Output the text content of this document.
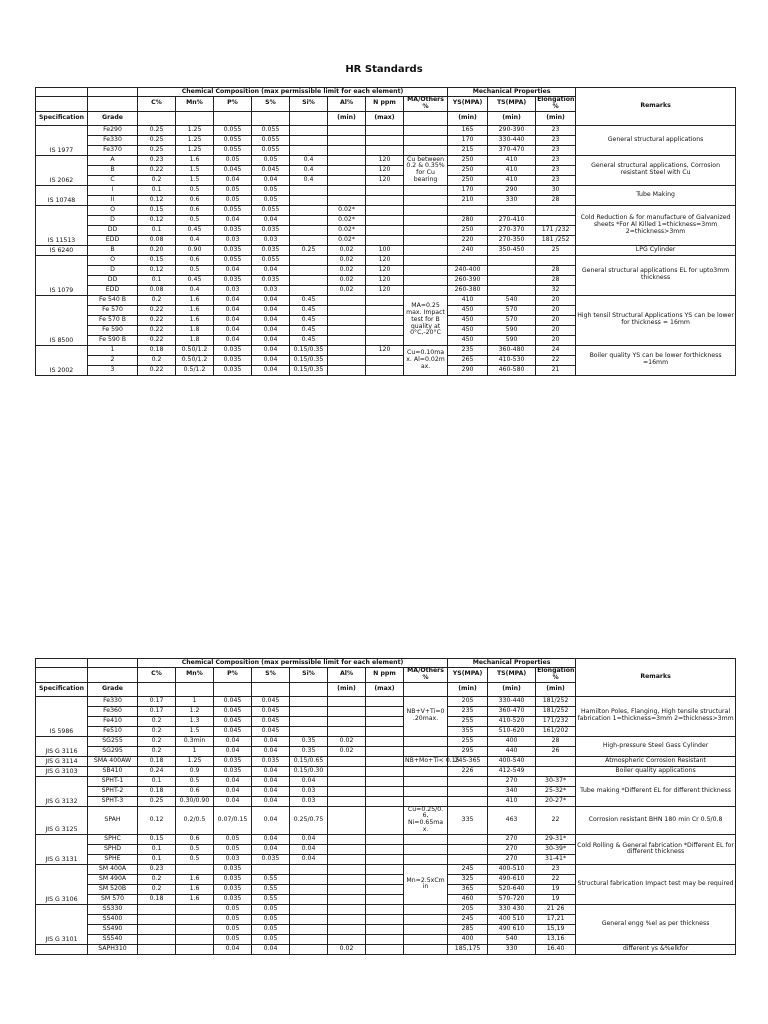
HR Standards
		Chemical Composition (max permissible limit for each element)								Mechanical Properties			Remarks
		C%	Mn%	P%	S%	Si%	Al%	N ppm	MA/Others %	YS(MPA)	TS(MPA)	Elongation %	
Specification	Grade						(min)	(max)		(min)	(min)	(min)	
IS 1977	Fe290	0.25	1.25	0.055	0.055					165	290-390	23	General structural applications
	Fe330	0.25	1.25	0.055	0.055					170	330-440	23	
	Fe370	0.25	1.25	0.055	0.055					215	370-470	23	
IS 2062	A	0.23	1.6	0.05	0.05	0.4		120	Cu between 0.2 & 0.35% for Cu bearing	250	410	23	General structural applications, Corrosion resistant Steel with Cu
	B	0.22	1.5	0.045	0.045	0.4		120		250	410	23	
	C	0.2	1.5	0.04	0.04	0.4		120		250	410	23	
IS 10748	I	0.1	0.5	0.05	0.05					170	290	30	Tube Making
	II	0.12	0.6	0.05	0.05					210	330	28	
IS 11513	O	0.15	0.6	0.055	0.055		0.02*						Cold Reduction & for manufacture of Galvanized sheets *For Al Killed 1=thickness=3mm 2=thickness>3mm
	D	0.12	0.5	0.04	0.04		0.02*			280	270-410		
	DD	0.1	0.45	0.035	0.035		0.02*			250	270-370	171 /232	
	EDD	0.08	0.4	0.03	0.03		0.02*			220	270-350	181 /252	
IS 6240	B	0.20	0.90	0.035	0.035	0.25	0.02	100		240	350-450	25	LPG Cylinder
IS 1079	O	0.15	0.6	0.055	0.055		0.02	120					General structural applications EL for upto3mm thickness
	D	0.12	0.5	0.04	0.04		0.02	120		240-400		28	
	DD	0.1	0.45	0.035	0.035		0.02	120		260-390		28	
	EDD	0.08	0.4	0.03	0.03		0.02	120		260-380		32	
IS 8500	Fe 540 B	0.2	1.6	0.04	0.04	0.45			MA=0.25 max. Impact test for B quality at 0°C,-20°C	410	540	20	High tensil Structural Applications YS can be lower for thickness = 16mm
	Fe 570	0.22	1.6	0.04	0.04	0.45				450	570	20	
	Fe 570 B	0.22	1.6	0.04	0.04	0.45				450	570	20	
	Fe 590	0.22	1.8	0.04	0.04	0.45				450	590	20	
	Fe 590 B	0.22	1.8	0.04	0.04	0.45				450	590	20	
IS 2002	1	0.18	0.50/1.2	0.035	0.04	0.15/0.35		120	Cu=0.10ma x. Al=0.02m ax.	235	360-480	24	Boiler quality YS can be lower forthickness =16mm
	2	0.2	0.50/1.2	0.035	0.04	0.15/0.35				265	410-530	22	
	3	0.22	0.5/1.2	0.035	0.04	0.15/0.35				290	460-580	21	
		Chemical Composition (max permissible limit for each element)								Mechanical Properties			Remarks
		C%	Mn%	P%	S%	Si%	Al%	N ppm	MA/Others %	YS(MPA)	TS(MPA)	Elongation %	
Specification	Grade						(min)	(max)		(min)	(min)	(min)	
IS 5986	Fe330	0.17	1	0.045	0.045				NB+V+Ti=0 .20max.	205	330-440	181/252	Hamilton Poles, Flanging, High tensile structural fabrication 1=thickness=3mm 2=thickness>3mm
	Fe360	0.17	1.2	0.045	0.045					235	360-470	181/252	
	Fe410	0.2	1.3	0.045	0.045					255	410-520	171/232	
	Fe510	0.2	1.5	0.045	0.045					355	510-620	161/202	
JIS G 3116	SG255	0.2	0.3min	0.04	0.04	0.35	0.02			255	400	28	High-pressure Steel Gass Cylinder
	SG295	0.2	1	0.04	0.04	0.35	0.02			295	440	26	
JIS G 3114	SMA 400AW	0.18	1.25	0.035	0.035	0.15/0.65			NB+Mo+Ti< 0.15	245-365	400-540		Atmospheric Corrosion Resistant
JIS G 3103	SB410	0.24	0.9	0.035	0.04	0.15/0.30				226	412-549		Boiler quality applications
JIS G 3132	SPHT-1	0.1	0.5	0.04	0.04	0.04					270	30-37*	Tube making *Different EL for different thickness
	SPHT-2	0.18	0.6	0.04	0.04	0.03					340	25-32*	
	SPHT-3	0.25	0.30/0.90	0.04	0.04	0.03					410	20-27*	
JIS G 3125	SPAH	0.12	0.2/0.5	0.07/0.15	0.04	0.25/0.75			Cu=0.25/0. 6, Ni=0.65ma x.	335	463	22	Corrosion resistant BHN 180 min Cr 0.5/0.8
JIS G 3131	SPHC	0.15	0.6	0.05	0.04	0.04					270	29-31*	Cold Rolling & General fabrication *Different EL for different thickness
	SPHD	0.1	0.5	0.05	0.04	0.04					270	30-39*	
	SPHE	0.1	0.5	0.03	0.035	0.04					270	31-41*	
JIS G 3106	SM 400A	0.23		0.035					Mn=2.5xCm in	245	400-510	23	Structural fabrication Impact test may be required
	SM 490A	0.2	1.6	0.035	0.55					325	490-610	22	
	SM 520B	0.2	1.6	0.035	0.55					365	520-640	19	
	SM 570	0.18	1.6	0.035	0.55					460	570-720	19	
JIS G 3101	SS330			0.05	0.05					205	330 430	21 26	General engg %el as per thickness
	SS400			0.05	0.05					245	400 510	17,21	
	SS490			0.05	0.05					285	490 610	15,19	
	SS540			0.05	0.05					400	540	13,16	
	SAPH310			0.04	0.04		0.02			185,175	330	16.40	different ys &%elkfor
